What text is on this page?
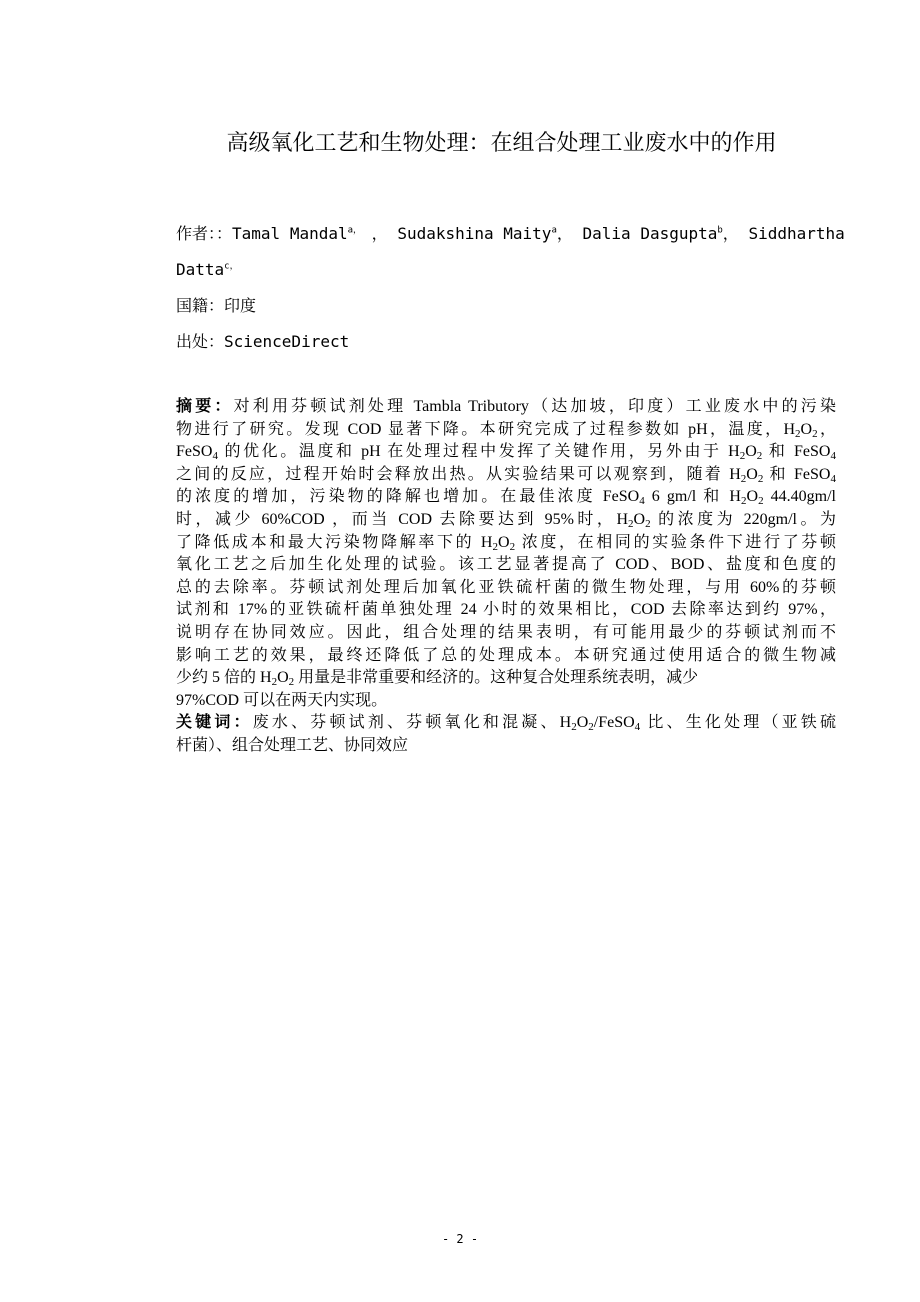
高级氧化工艺和生物处理：在组合处理工业废水中的作用
作者：：Tamal Mandal$^{a,}$ ， Sudakshina Maity$^a$， Dalia Dasgupta$^b$， Siddhartha
Datta$^{c,}$
国籍：印度
出处：ScienceDirect
摘要：对利用芬顿试剂处理 Tambla Tributory（达加坡，印度）工业废水中的污染
物进行了研究。发现 COD 显著下降。本研究完成了过程参数如 pH，温度，$H_2O_2$，
FeSO$_4$ 的优化。温度和 pH 在处理过程中发挥了关键作用，另外由于 $H_2O_2$ 和 FeSO$_4$
之间的反应，过程开始时会释放出热。从实验结果可以观察到，随着 $H_2O_2$ 和 FeSO$_4$
的浓度的增加，污染物的降解也增加。在最佳浓度 FeSO$_4$ 6 gm/l 和 $H_2O_2$ 44.40gm/l
时，减少 60%COD ，而当 COD 去除要达到 95%时，$H_2O_2$ 的浓度为 220gm/l。为
了降低成本和最大污染物降解率下的 $H_2O_2$ 浓度，在相同的实验条件下进行了芬顿
氧化工艺之后加生化处理的试验。该工艺显著提高了 COD、BOD、盐度和色度的
总的去除率。芬顿试剂处理后加氧化亚铁硫杆菌的微生物处理，与用 60%的芬顿
试剂和 17%的亚铁硫杆菌单独处理 24 小时的效果相比，COD 去除率达到约 97%，
说明存在协同效应。因此，组合处理的结果表明，有可能用最少的芬顿试剂而不
影响工艺的效果，最终还降低了总的处理成本。本研究通过使用适合的微生物减
少约 5 倍的 $H_2O_2$ 用量是非常重要和经济的。这种复合处理系统表明，减少
97%COD 可以在两天内实现。
关键词：废水、芬顿试剂、芬顿氧化和混凝、$H_2O_2/FeSO_4$ 比、生化处理（亚铁硫
杆菌）、组合处理工艺、协同效应
- 2 -
